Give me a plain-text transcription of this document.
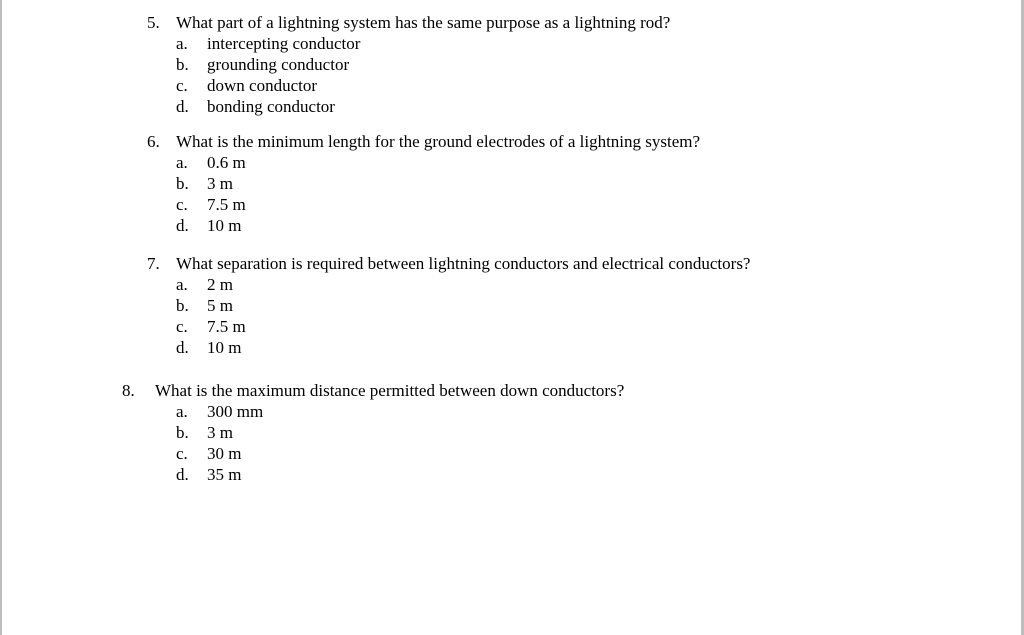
5. What part of a lightning system has the same purpose as a lightning rod?
a.	intercepting conductor
b.	grounding conductor
c.	down conductor
d.	bonding conductor
6. What is the minimum length for the ground electrodes of a lightning system?
a.	0.6 m
b.	3 m
c.	7.5 m
d.	10 m
7. What separation is required between lightning conductors and electrical conductors?
a.	2 m
b.	5 m
c.	7.5 m
d.	10 m
8.	What is the maximum distance permitted between down conductors?
a.	300 mm
b.	3 m
c.	30 m
d.	35 m
